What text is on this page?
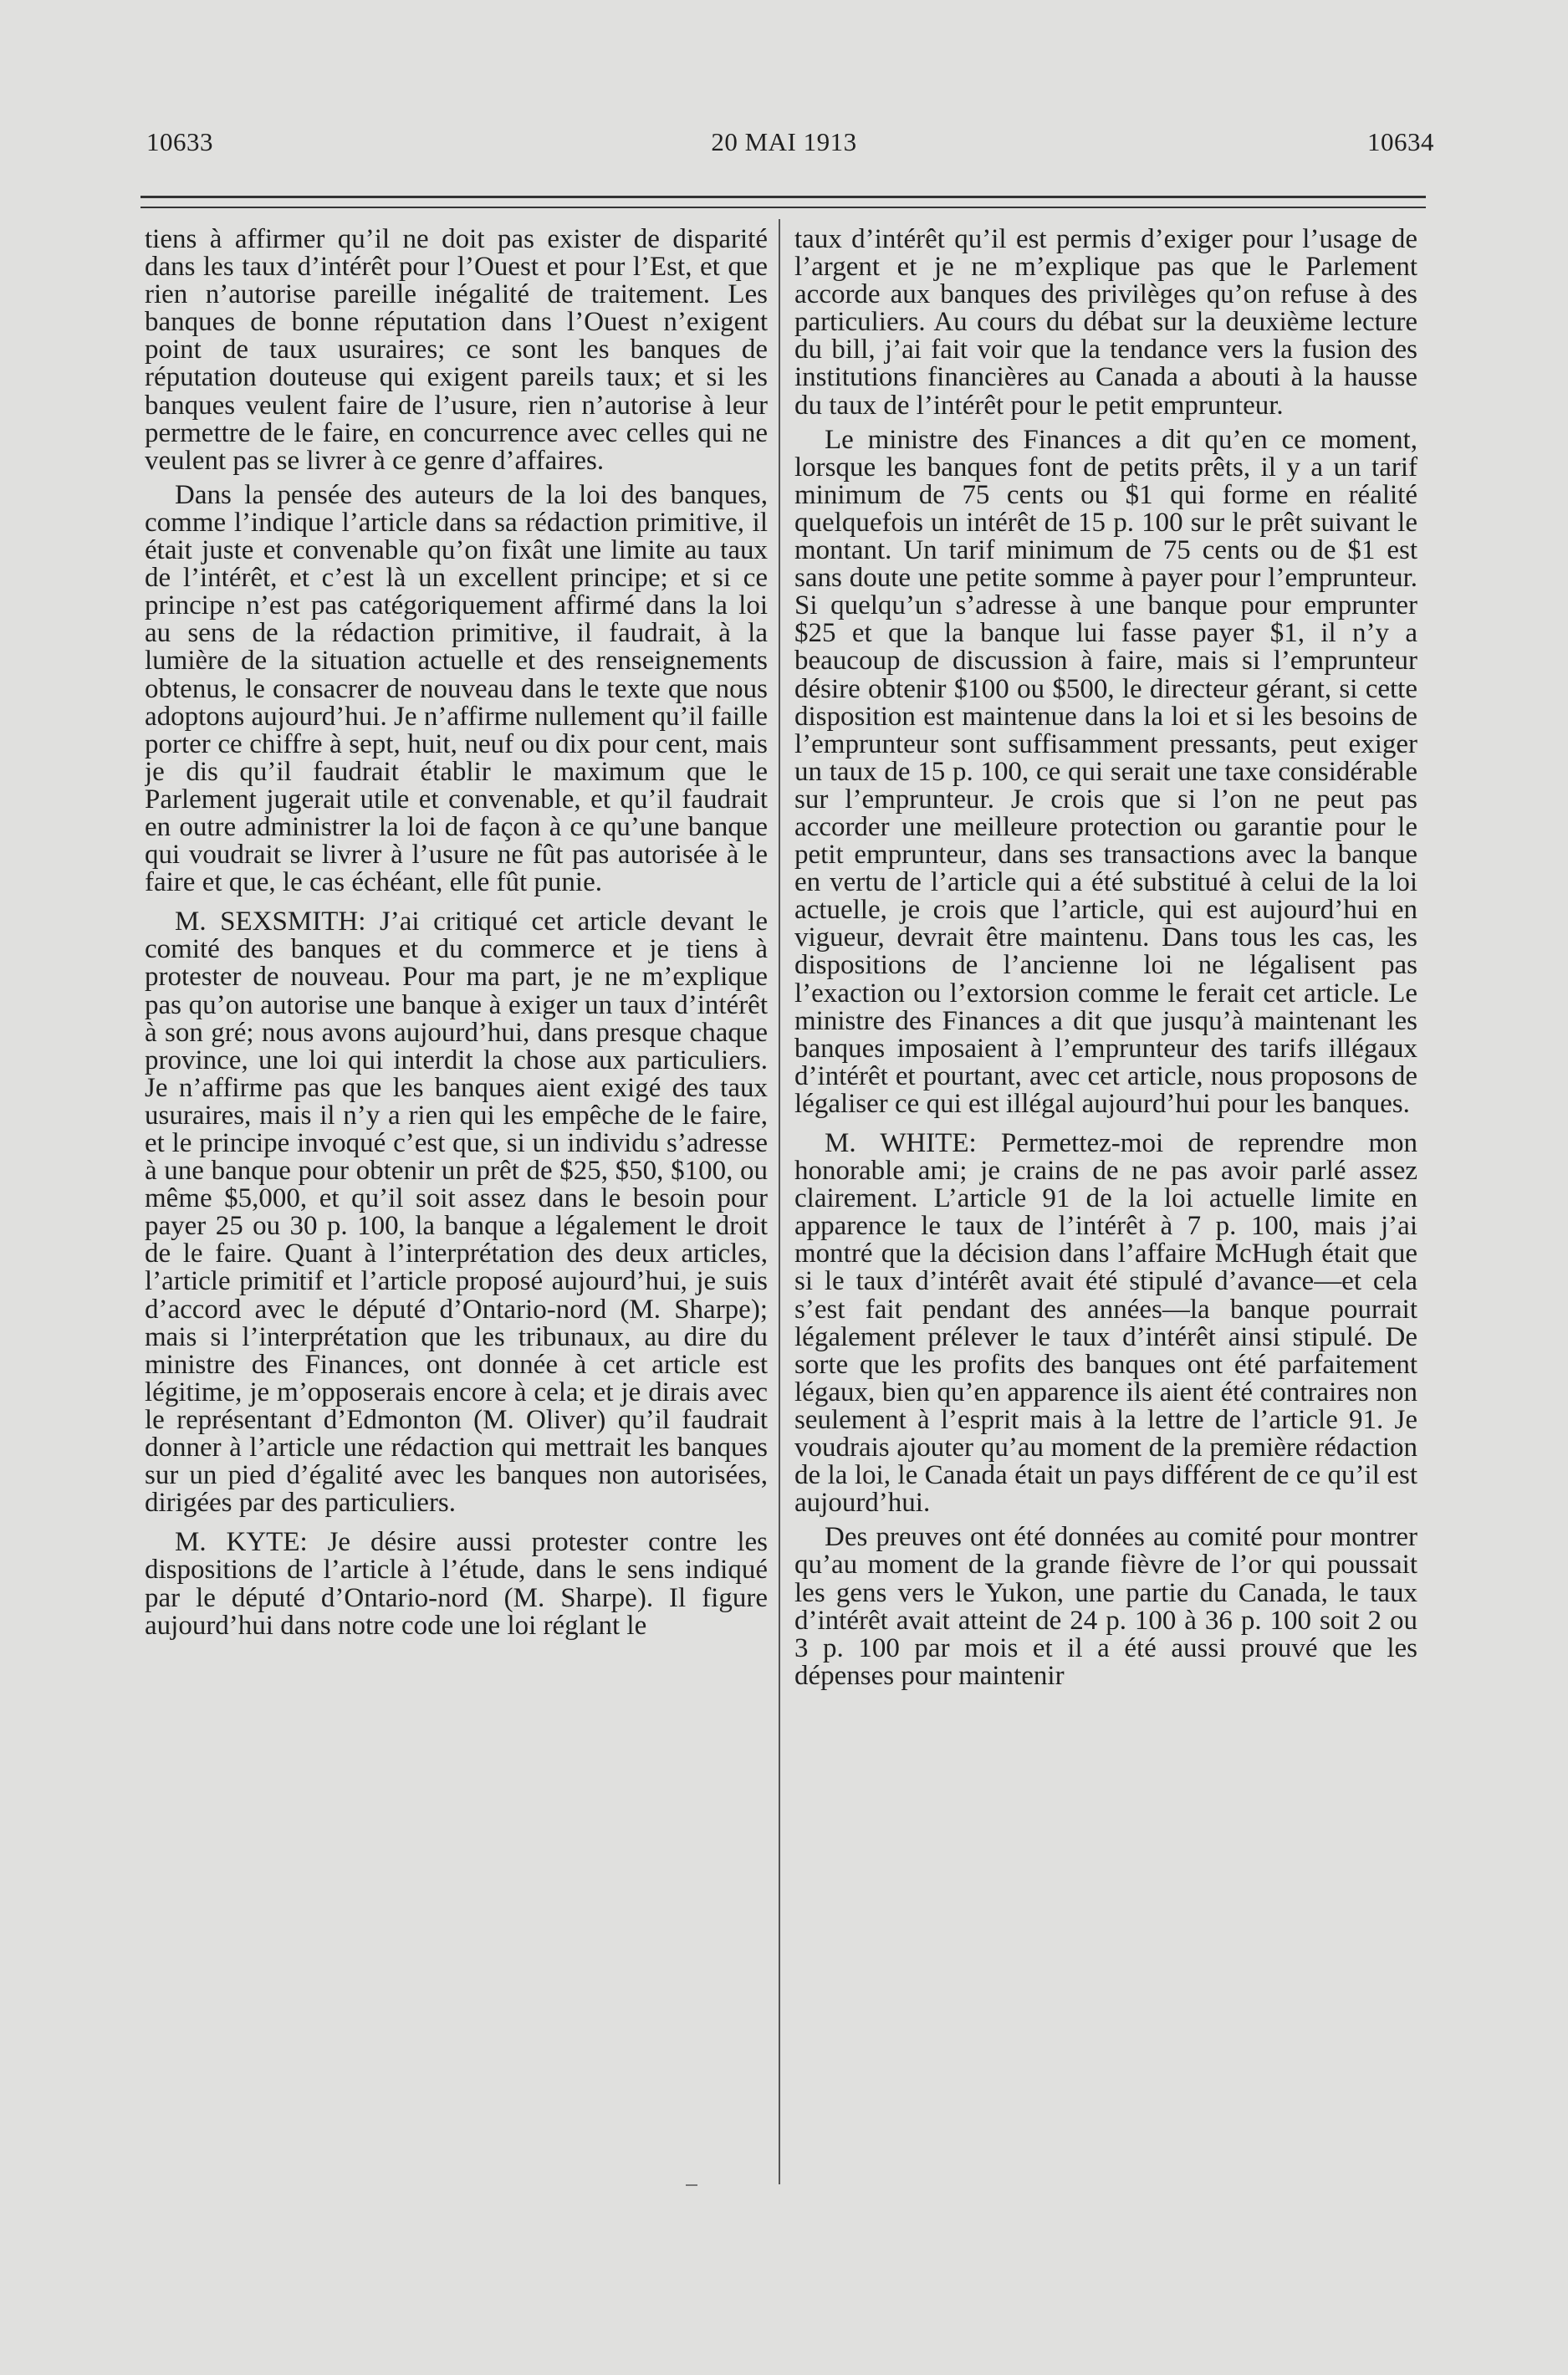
10633	20 MAI 1913	10634

tiens à affirmer qu’il ne doit pas exister de disparité dans les taux d’intérêt pour l’Ouest et pour l’Est, et que rien n’autorise pareille inégalité de traitement. Les banques de bonne réputation dans l’Ouest n’exigent point de taux usuraires; ce sont les banques de réputation douteuse qui exigent pareils taux; et si les banques veulent faire de l’usure, rien n’autorise à leur permettre de le faire, en concurrence avec celles qui ne veulent pas se livrer à ce genre d’affaires.

Dans la pensée des auteurs de la loi des banques, comme l’indique l’article dans sa rédaction primitive, il était juste et convenable qu’on fixât une limite au taux de l’intérêt, et c’est là un excellent principe; et si ce principe n’est pas catégoriquement affirmé dans la loi au sens de la rédaction primitive, il faudrait, à la lumière de la situation actuelle et des renseignements obtenus, le consacrer de nouveau dans le texte que nous adoptons aujourd’hui. Je n’affirme nullement qu’il faille porter ce chiffre à sept, huit, neuf ou dix pour cent, mais je dis qu’il faudrait établir le maximum que le Parlement jugerait utile et convenable, et qu’il faudrait en outre administrer la loi de façon à ce qu’une banque qui voudrait se livrer à l’usure ne fût pas autorisée à le faire et que, le cas échéant, elle fût punie.

M. SEXSMITH: J’ai critiqué cet article devant le comité des banques et du commerce et je tiens à protester de nouveau. Pour ma part, je ne m’explique pas qu’on autorise une banque à exiger un taux d’intérêt à son gré; nous avons aujourd’hui, dans presque chaque province, une loi qui interdit la chose aux particuliers. Je n’affirme pas que les banques aient exigé des taux usuraires, mais il n’y a rien qui les empêche de le faire, et le principe invoqué c’est que, si un individu s’adresse à une banque pour obtenir un prêt de $25, $50, $100, ou même $5,000, et qu’il soit assez dans le besoin pour payer 25 ou 30 p. 100, la banque a légalement le droit de le faire. Quant à l’interprétation des deux articles, l’article primitif et l’article proposé aujourd’hui, je suis d’accord avec le député d’Ontario-nord (M. Sharpe); mais si l’interprétation que les tribunaux, au dire du ministre des Finances, ont donnée à cet article est légitime, je m’opposerais encore à cela; et je dirais avec le représentant d’Edmonton (M. Oliver) qu’il faudrait donner à l’article une rédaction qui mettrait les banques sur un pied d’égalité avec les banques non autorisées, dirigées par des particuliers.

M. KYTE: Je désire aussi protester contre les dispositions de l’article à l’étude, dans le sens indiqué par le député d’Ontario-nord (M. Sharpe). Il figure aujourd’hui dans notre code une loi réglant le

taux d’intérêt qu’il est permis d’exiger pour l’usage de l’argent et je ne m’explique pas que le Parlement accorde aux banques des privilèges qu’on refuse à des particuliers. Au cours du débat sur la deuxième lecture du bill, j’ai fait voir que la tendance vers la fusion des institutions financières au Canada a abouti à la hausse du taux de l’intérêt pour le petit emprunteur.

Le ministre des Finances a dit qu’en ce moment, lorsque les banques font de petits prêts, il y a un tarif minimum de 75 cents ou $1 qui forme en réalité quelquefois un intérêt de 15 p. 100 sur le prêt suivant le montant. Un tarif minimum de 75 cents ou de $1 est sans doute une petite somme à payer pour l’emprunteur. Si quelqu’un s’adresse à une banque pour emprunter $25 et que la banque lui fasse payer $1, il n’y a beaucoup de discussion à faire, mais si l’emprunteur désire obtenir $100 ou $500, le directeur gérant, si cette disposition est maintenue dans la loi et si les besoins de l’emprunteur sont suffisamment pressants, peut exiger un taux de 15 p. 100, ce qui serait une taxe considérable sur l’emprunteur. Je crois que si l’on ne peut pas accorder une meilleure protection ou garantie pour le petit emprunteur, dans ses transactions avec la banque en vertu de l’article qui a été substitué à celui de la loi actuelle, je crois que l’article, qui est aujourd’hui en vigueur, devrait être maintenu. Dans tous les cas, les dispositions de l’ancienne loi ne légalisent pas l’exaction ou l’extorsion comme le ferait cet article. Le ministre des Finances a dit que jusqu’à maintenant les banques imposaient à l’emprunteur des tarifs illégaux d’intérêt et pourtant, avec cet article, nous proposons de légaliser ce qui est illégal aujourd’hui pour les banques.

M. WHITE: Permettez-moi de reprendre mon honorable ami; je crains de ne pas avoir parlé assez clairement. L’article 91 de la loi actuelle limite en apparence le taux de l’intérêt à 7 p. 100, mais j’ai montré que la décision dans l’affaire McHugh était que si le taux d’intérêt avait été stipulé d’avance—et cela s’est fait pendant des années—la banque pourrait légalement prélever le taux d’intérêt ainsi stipulé. De sorte que les profits des banques ont été parfaitement légaux, bien qu’en apparence ils aient été contraires non seulement à l’esprit mais à la lettre de l’article 91. Je voudrais ajouter qu’au moment de la première rédaction de la loi, le Canada était un pays différent de ce qu’il est aujourd’hui.

Des preuves ont été données au comité pour montrer qu’au moment de la grande fièvre de l’or qui poussait les gens vers le Yukon, une partie du Canada, le taux d’intérêt avait atteint de 24 p. 100 à 36 p. 100 soit 2 ou 3 p. 100 par mois et il a été aussi prouvé que les dépenses pour maintenir
